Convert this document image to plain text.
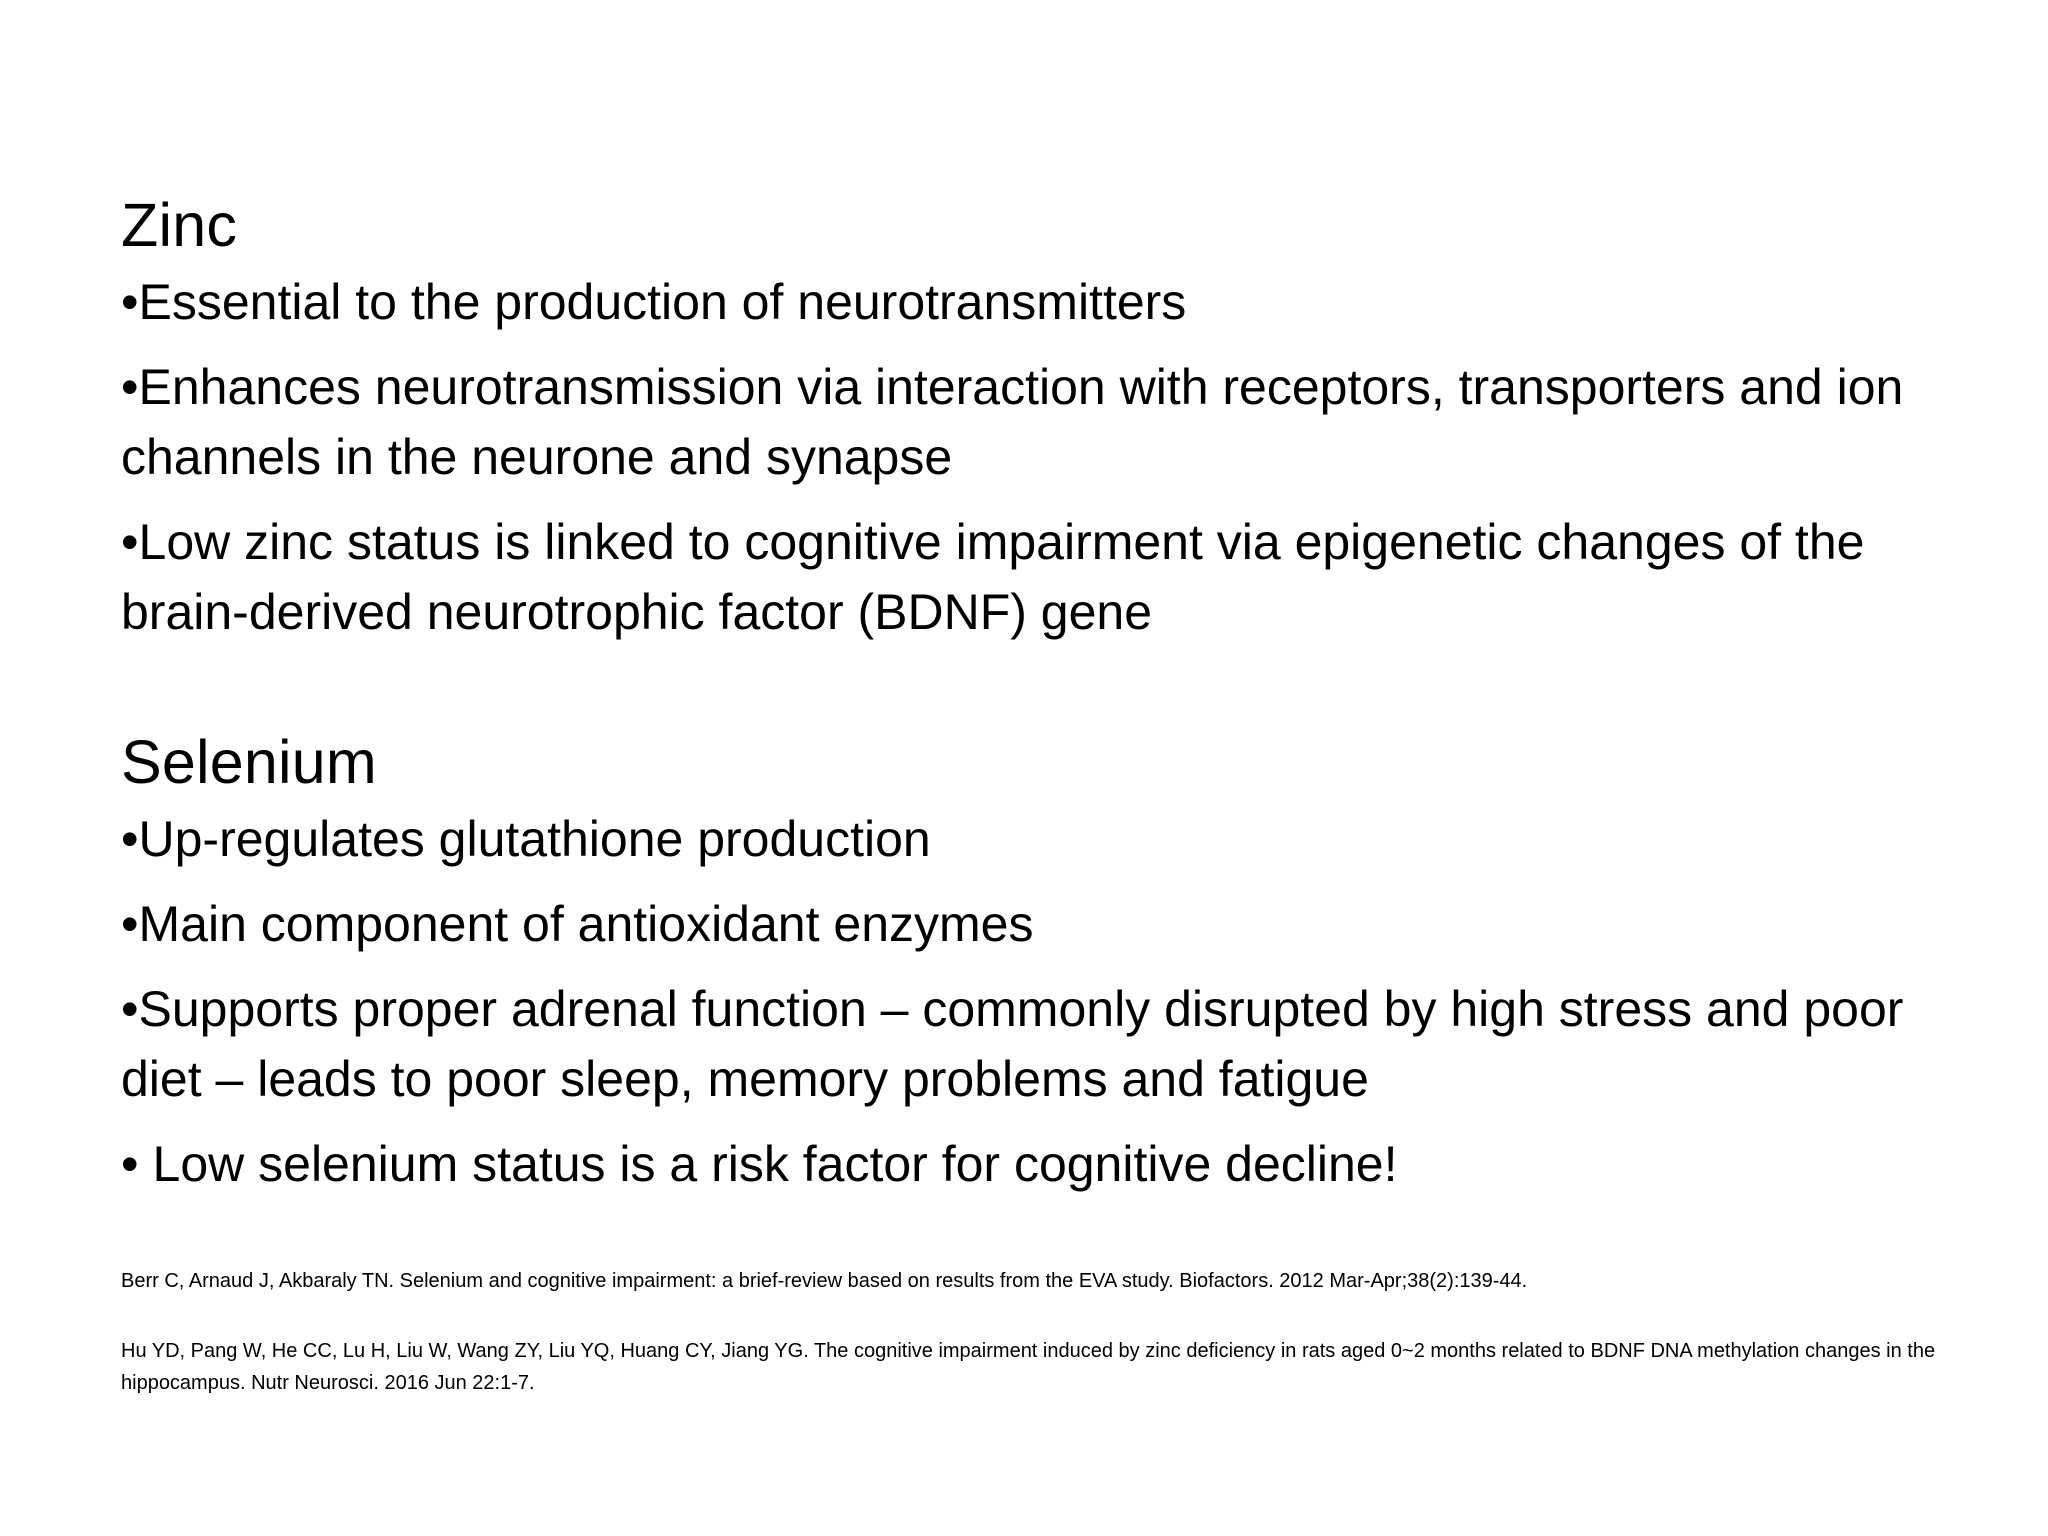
Zinc
•Essential to the production of neurotransmitters
•Enhances neurotransmission via interaction with receptors, transporters and ion channels in the neurone and synapse
•Low zinc status is linked to cognitive impairment via epigenetic changes of the brain-derived neurotrophic factor (BDNF) gene
Selenium
•Up-regulates glutathione production
•Main component of antioxidant enzymes
•Supports proper adrenal function – commonly disrupted by high stress and poor diet – leads to poor sleep, memory problems and fatigue
• Low selenium status is a risk factor for cognitive decline!

Berr C, Arnaud J, Akbaraly TN. Selenium and cognitive impairment: a brief-review based on results from the EVA study. Biofactors. 2012 Mar-Apr;38(2):139-44.

Hu YD, Pang W, He CC, Lu H, Liu W, Wang ZY, Liu YQ, Huang CY, Jiang YG. The cognitive impairment induced by zinc deficiency in rats aged 0~2 months related to BDNF DNA methylation changes in the hippocampus. Nutr Neurosci. 2016 Jun 22:1-7.
